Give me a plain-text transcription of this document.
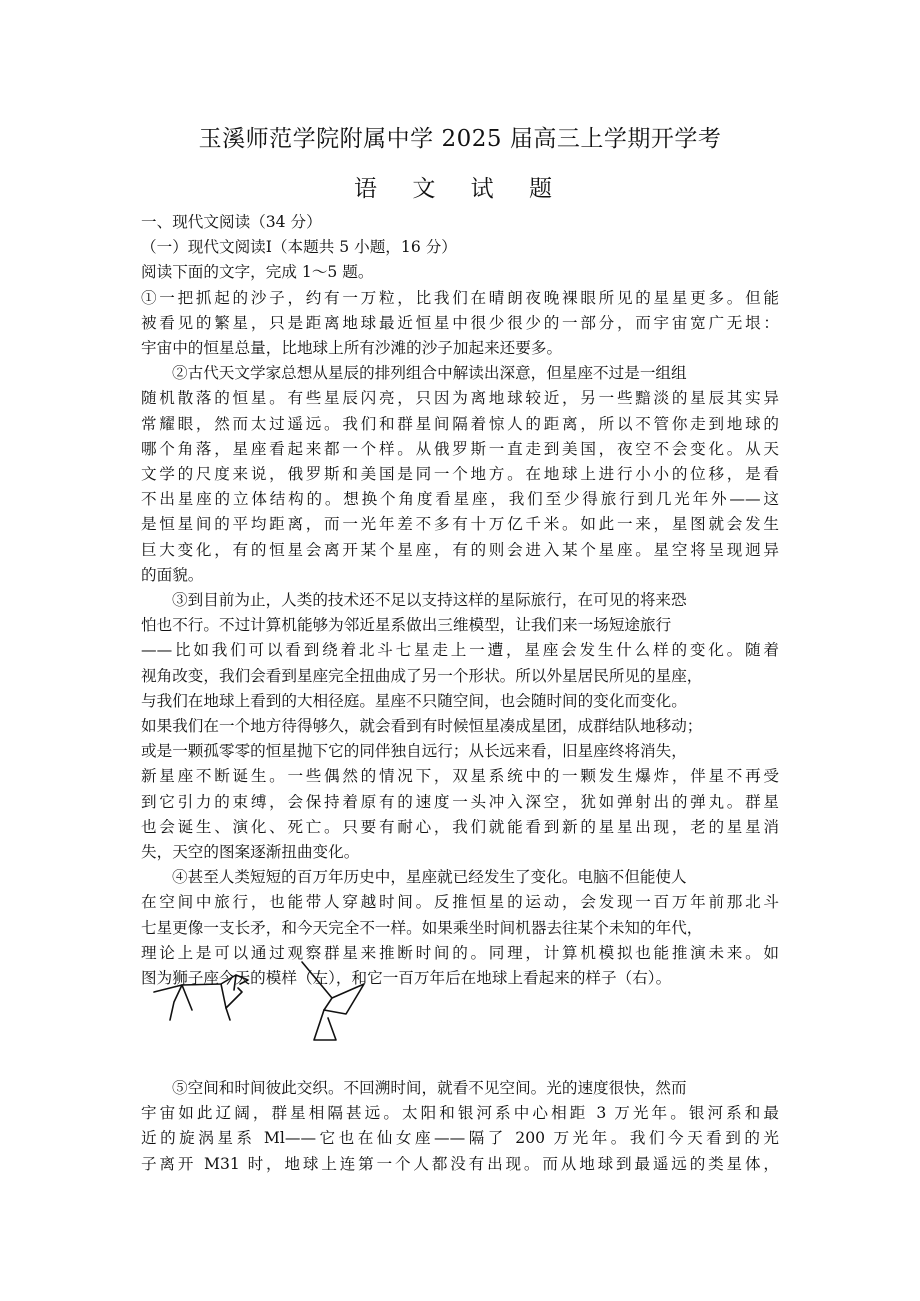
玉溪师范学院附属中学 2025 届高三上学期开学考
语 文 试 题
一、现代文阅读（34 分）
（一）现代文阅读Ⅰ（本题共 5 小题，16 分）
阅读下面的文字，完成 1～5 题。
①一把抓起的沙子，约有一万粒，比我们在晴朗夜晚裸眼所见的星星更多。但能
被看见的繁星，只是距离地球最近恒星中很少很少的一部分，而宇宙宽广无垠：
宇宙中的恒星总量，比地球上所有沙滩的沙子加起来还要多。
②古代天文学家总想从星辰的排列组合中解读出深意，但星座不过是一组组
随机散落的恒星。有些星辰闪亮，只因为离地球较近，另一些黯淡的星辰其实异
常耀眼，然而太过遥远。我们和群星间隔着惊人的距离，所以不管你走到地球的
哪个角落，星座看起来都一个样。从俄罗斯一直走到美国，夜空不会变化。从天
文学的尺度来说，俄罗斯和美国是同一个地方。在地球上进行小小的位移，是看
不出星座的立体结构的。想换个角度看星座，我们至少得旅行到几光年外——这
是恒星间的平均距离，而一光年差不多有十万亿千米。如此一来，星图就会发生
巨大变化，有的恒星会离开某个星座，有的则会进入某个星座。星空将呈现迥异
的面貌。
③到目前为止，人类的技术还不足以支持这样的星际旅行，在可见的将来恐
怕也不行。不过计算机能够为邻近星系做出三维模型，让我们来一场短途旅行
——比如我们可以看到绕着北斗七星走上一遭，星座会发生什么样的变化。随着
视角改变，我们会看到星座完全扭曲成了另一个形状。所以外星居民所见的星座，
与我们在地球上看到的大相径庭。星座不只随空间，也会随时间的变化而变化。
如果我们在一个地方待得够久，就会看到有时候恒星凑成星团，成群结队地移动；
或是一颗孤零零的恒星抛下它的同伴独自远行；从长远来看，旧星座终将消失，
新星座不断诞生。一些偶然的情况下，双星系统中的一颗发生爆炸，伴星不再受
到它引力的束缚，会保持着原有的速度一头冲入深空，犹如弹射出的弹丸。群星
也会诞生、演化、死亡。只要有耐心，我们就能看到新的星星出现，老的星星消
失，天空的图案逐渐扭曲变化。
④甚至人类短短的百万年历史中，星座就已经发生了变化。电脑不但能使人
在空间中旅行，也能带人穿越时间。反推恒星的运动，会发现一百万年前那北斗
七星更像一支长矛，和今天完全不一样。如果乘坐时间机器去往某个未知的年代，
理论上是可以通过观察群星来推断时间的。同理，计算机模拟也能推演未来。如
图为狮子座今天的模样（左），和它一百万年后在地球上看起来的样子（右）。
⑤空间和时间彼此交织。不回溯时间，就看不见空间。光的速度很快，然而
宇宙如此辽阔，群星相隔甚远。太阳和银河系中心相距 3 万光年。银河系和最
近的旋涡星系 Ml——它也在仙女座——隔了 200 万光年。我们今天看到的光
子离开 M31 时，地球上连第一个人都没有出现。而从地球到最遥远的类星体，
